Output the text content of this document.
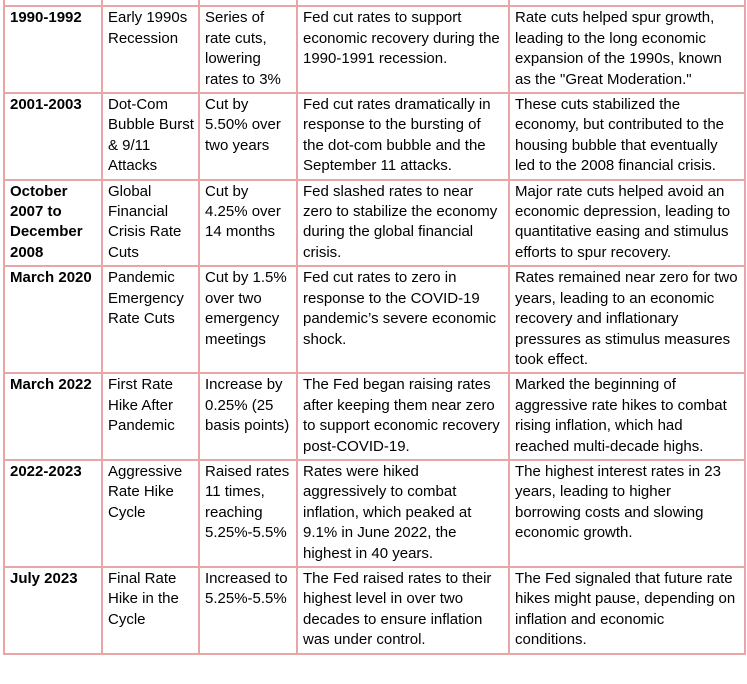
1990-1992	Early 1990s Recession	Series of rate cuts, lowering rates to 3%	Fed cut rates to support economic recovery during the 1990-1991 recession.	Rate cuts helped spur growth, leading to the long economic expansion of the 1990s, known as the "Great Moderation."
2001-2003	Dot-Com Bubble Burst & 9/11 Attacks	Cut by 5.50% over two years	Fed cut rates dramatically in response to the bursting of the dot-com bubble and the September 11 attacks.	These cuts stabilized the economy, but contributed to the housing bubble that eventually led to the 2008 financial crisis.
October 2007 to December 2008	Global Financial Crisis Rate Cuts	Cut by 4.25% over 14 months	Fed slashed rates to near zero to stabilize the economy during the global financial crisis.	Major rate cuts helped avoid an economic depression, leading to quantitative easing and stimulus efforts to spur recovery.
March 2020	Pandemic Emergency Rate Cuts	Cut by 1.5% over two emergency meetings	Fed cut rates to zero in response to the COVID-19 pandemic’s severe economic shock.	Rates remained near zero for two years, leading to an economic recovery and inflationary pressures as stimulus measures took effect.
March 2022	First Rate Hike After Pandemic	Increase by 0.25% (25 basis points)	The Fed began raising rates after keeping them near zero to support economic recovery post-COVID-19.	Marked the beginning of aggressive rate hikes to combat rising inflation, which had reached multi-decade highs.
2022-2023	Aggressive Rate Hike Cycle	Raised rates 11 times, reaching 5.25%-5.5%	Rates were hiked aggressively to combat inflation, which peaked at 9.1% in June 2022, the highest in 40 years.	The highest interest rates in 23 years, leading to higher borrowing costs and slowing economic growth.
July 2023	Final Rate Hike in the Cycle	Increased to 5.25%-5.5%	The Fed raised rates to their highest level in over two decades to ensure inflation was under control.	The Fed signaled that future rate hikes might pause, depending on inflation and economic conditions.
